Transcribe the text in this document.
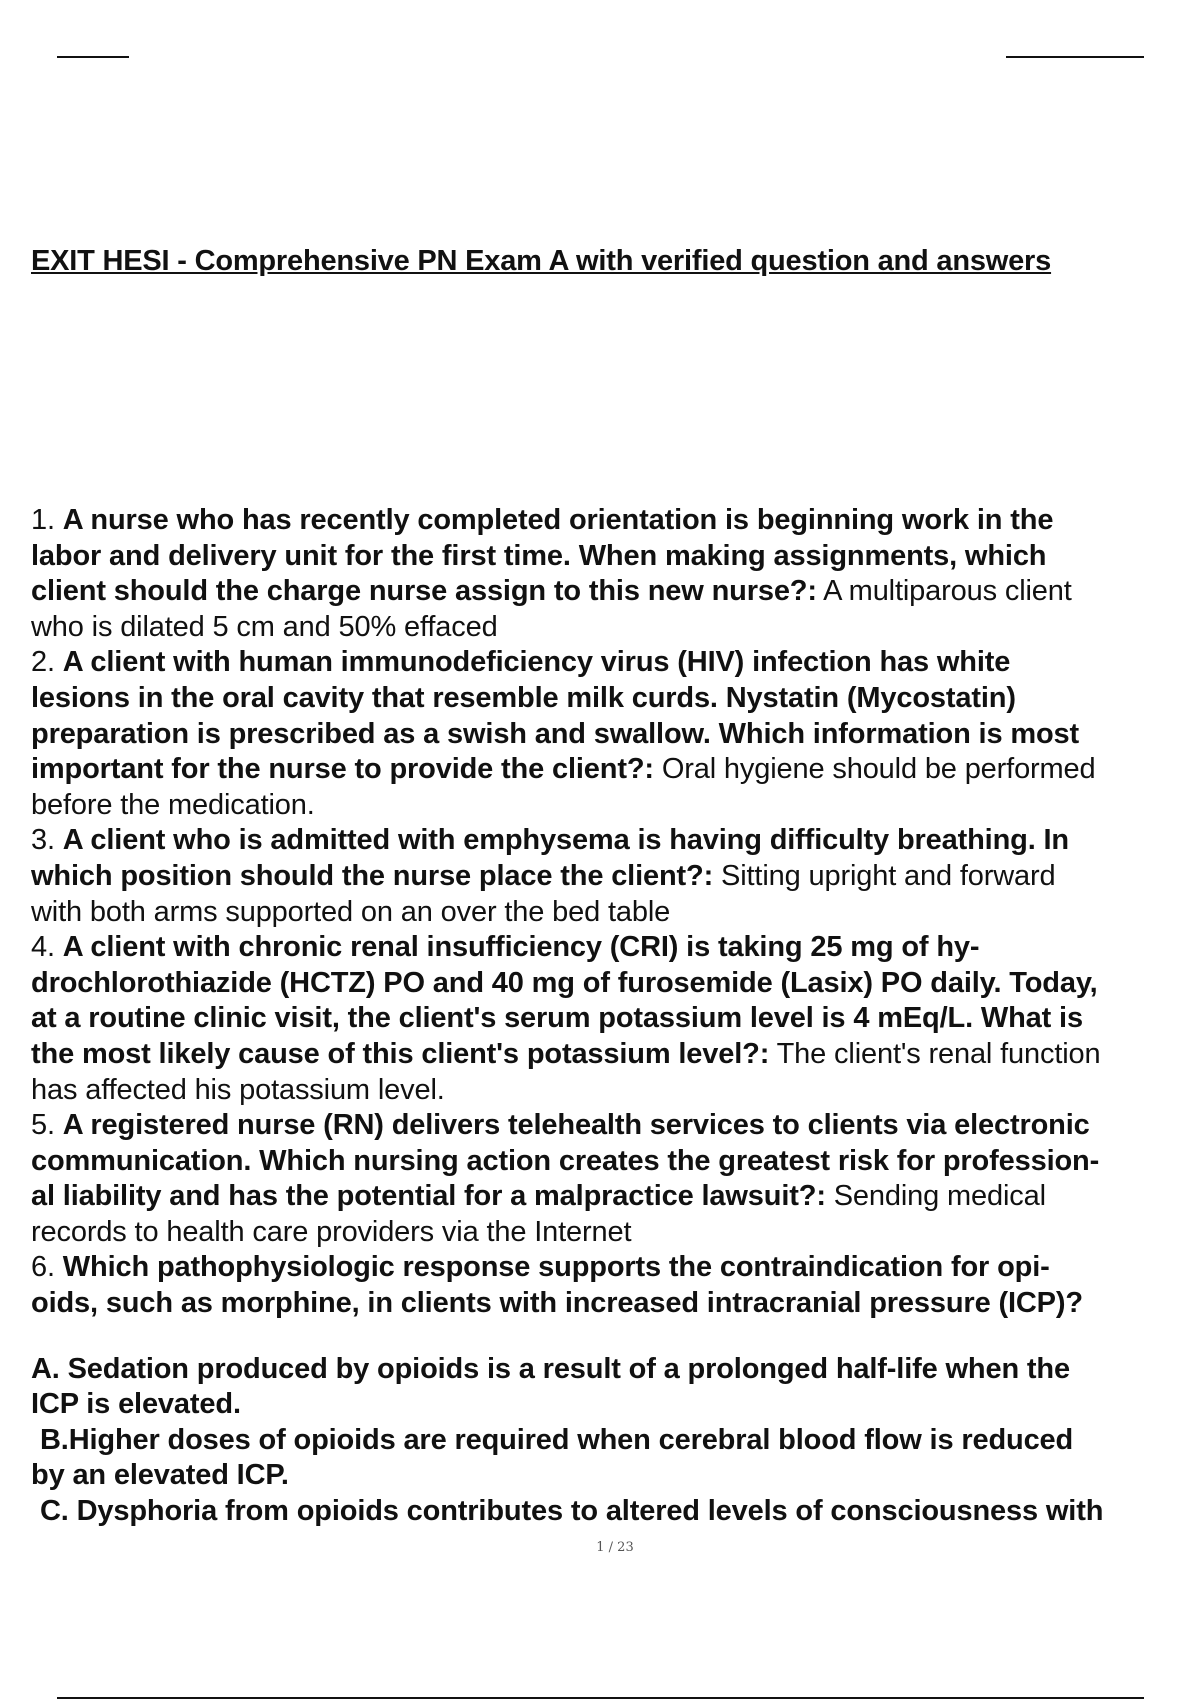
EXIT HESI - Comprehensive PN Exam A with verified question and answers

1. A nurse who has recently completed orientation is beginning work in the

labor and delivery unit for the first time. When making assignments, which

client should the charge nurse assign to this new nurse?: A multiparous client

who is dilated 5 cm and 50% effaced

2. A client with human immunodeficiency virus (HIV) infection has white

lesions in the oral cavity that resemble milk curds. Nystatin (Mycostatin)

preparation is prescribed as a swish and swallow. Which information is most

important for the nurse to provide the client?: Oral hygiene should be performed

before the medication.

3. A client who is admitted with emphysema is having difficulty breathing. In

which position should the nurse place the client?: Sitting upright and forward

with both arms supported on an over the bed table

4. A client with chronic renal insufficiency (CRI) is taking 25 mg of hy-

drochlorothiazide (HCTZ) PO and 40 mg of furosemide (Lasix) PO daily. Today,

at a routine clinic visit, the client's serum potassium level is 4 mEq/L. What is

the most likely cause of this client's potassium level?: The client's renal function

has affected his potassium level.

5. A registered nurse (RN) delivers telehealth services to clients via electronic

communication. Which nursing action creates the greatest risk for profession-

al liability and has the potential for a malpractice lawsuit?: Sending medical

records to health care providers via the Internet

6. Which pathophysiologic response supports the contraindication for opi-

oids, such as morphine, in clients with increased intracranial pressure (ICP)?

A. Sedation produced by opioids is a result of a prolonged half-life when the

ICP is elevated.

B.Higher doses of opioids are required when cerebral blood flow is reduced

by an elevated ICP.

C. Dysphoria from opioids contributes to altered levels of consciousness with

1 / 23
